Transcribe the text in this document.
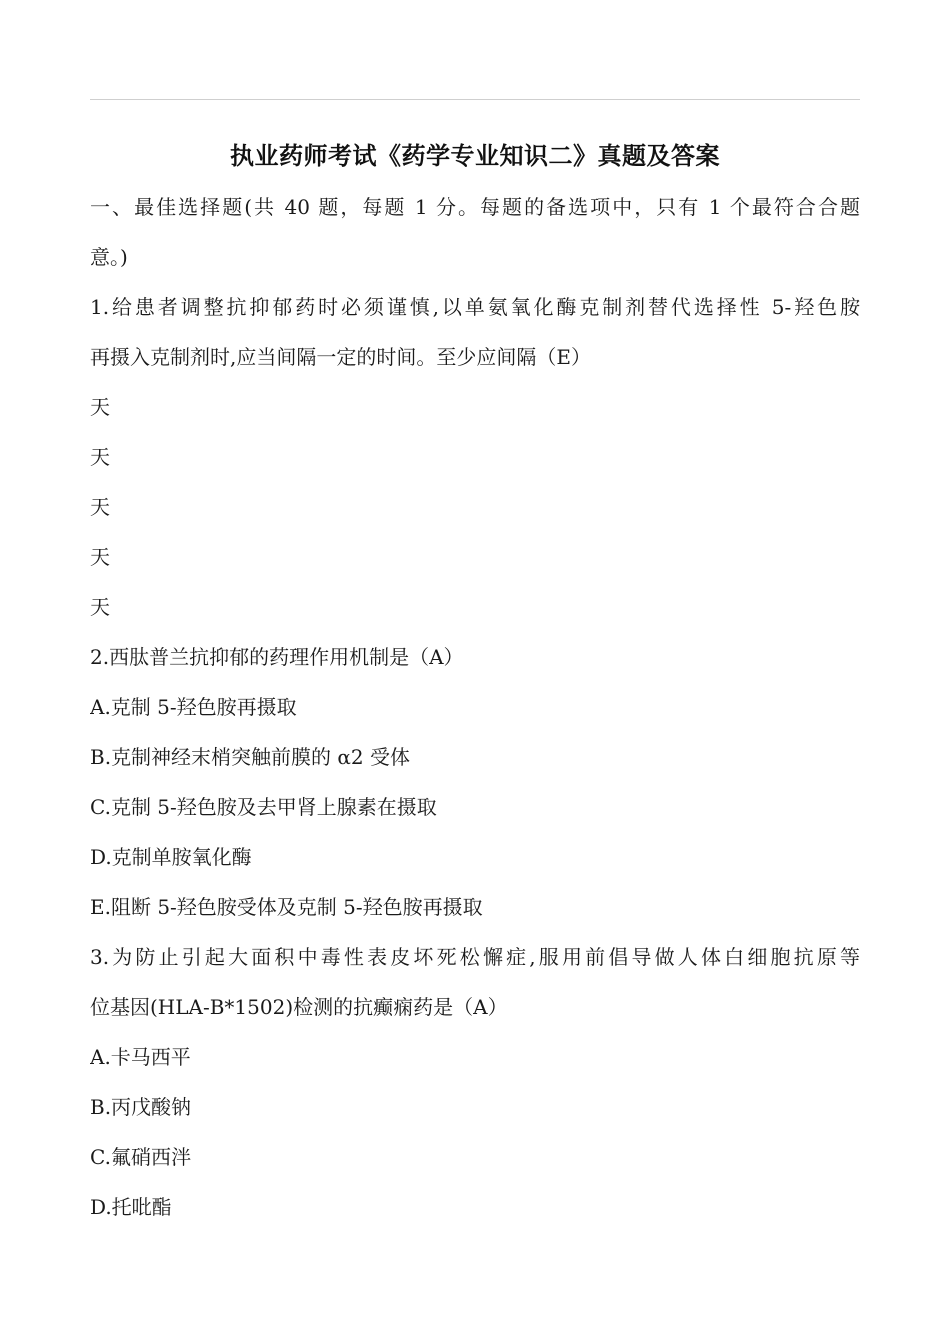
执业药师考试《药学专业知识二》真题及答案
一、最佳选择题(共 40 题，每题 1 分。每题的备选项中，只有 1 个最符合合题
意。)
1.给患者调整抗抑郁药时必须谨慎,以单氨氧化酶克制剂替代选择性 5-羟色胺
再摄入克制剂时,应当间隔一定的时间。至少应间隔（E）
天
天
天
天
天
2.西肽普兰抗抑郁的药理作用机制是（A）
A.克制 5-羟色胺再摄取
B.克制神经末梢突触前膜的 α2 受体
C.克制 5-羟色胺及去甲肾上腺素在摄取
D.克制单胺氧化酶
E.阻断 5-羟色胺受体及克制 5-羟色胺再摄取
3.为防止引起大面积中毒性表皮坏死松懈症,服用前倡导做人体白细胞抗原等
位基因(HLA-B*1502)检测的抗癫痫药是（A）
A.卡马西平
B.丙戊酸钠
C.氟硝西泮
D.托吡酯
